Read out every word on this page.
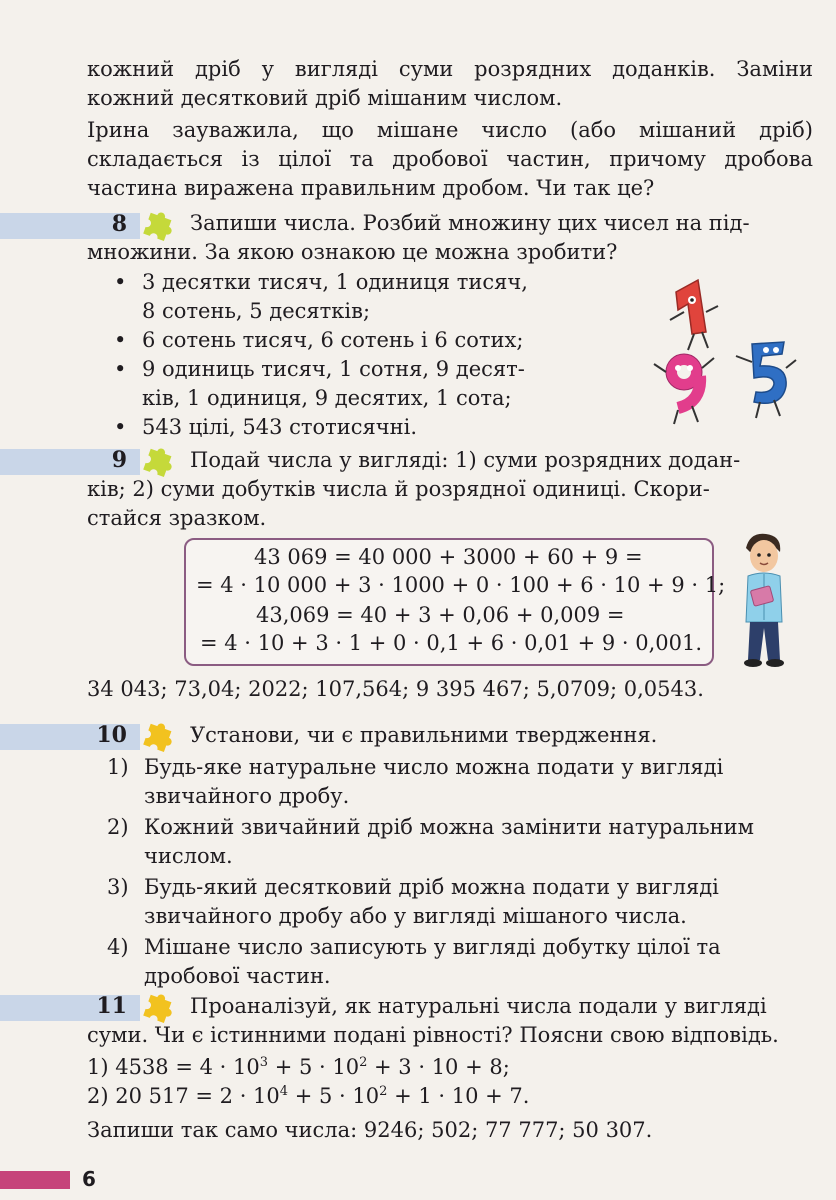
кожний дріб у вигляді суми розрядних доданків. Заміни
кожний десятковий дріб мішаним числом.
Ірина зауважила, що мішане число (або мішаний дріб)
складається із цілої та дробової частин, причому дробова
частина виражена правильним дробом. Чи так це?
8	Запиши числа. Розбий множину цих чисел на під-
множини. За якою ознакою це можна зробити?
• 3 десятки тисяч, 1 одиниця тисяч,
8 сотень, 5 десятків;
• 6 сотень тисяч, 6 сотень і 6 сотих;
• 9 одиниць тисяч, 1 сотня, 9 десят-
ків, 1 одиниця, 9 десятих, 1 сота;
• 543 цілі, 543 стотисячні.
1
9	Подай числа у вигляді: 1) суми розрядних додан-
ків; 2) суми добутків числа й розрядної одиниці. Скори-
стайся зразком.
43 069 = 40 000 + 3000 + 60 + 9 =
= 4 · 10 000 + 3 · 1000 + 0 · 100 + 6 · 10 + 9 · 1;
43,069 = 40 + 3 + 0,06 + 0,009 =
= 4 · 10 + 3 · 1 + 0 · 0,1 + 6 · 0,01 + 9 · 0,001.
34 043; 73,04; 2022; 107,564; 9 395 467; 5,0709; 0,0543.
10	Установи, чи є правильними твердження.
1) Будь-яке натуральне число можна подати у вигляді звичайного дробу.
2) Кожний звичайний дріб можна замінити натуральним числом.
3) Будь-який десятковий дріб можна подати у вигляді звичайного дробу або у вигляді мішаного числа.
4) Мішане число записують у вигляді добутку цілої та дробової частин.
11	Проаналізуй, як натуральні числа подали у вигляді
суми. Чи є істинними подані рівності? Поясни свою відповідь.
1) $4538 = 4 \cdot 10^3 + 5 \cdot 10^2 + 3 \cdot 10 + 8$;
2) 20 $517 = 2 \cdot 10^4 + 5 \cdot 10^2 + 1 \cdot 10 + 7$.
Запиши так само числа: 9246; 502; 77 777; 50 307.
6
